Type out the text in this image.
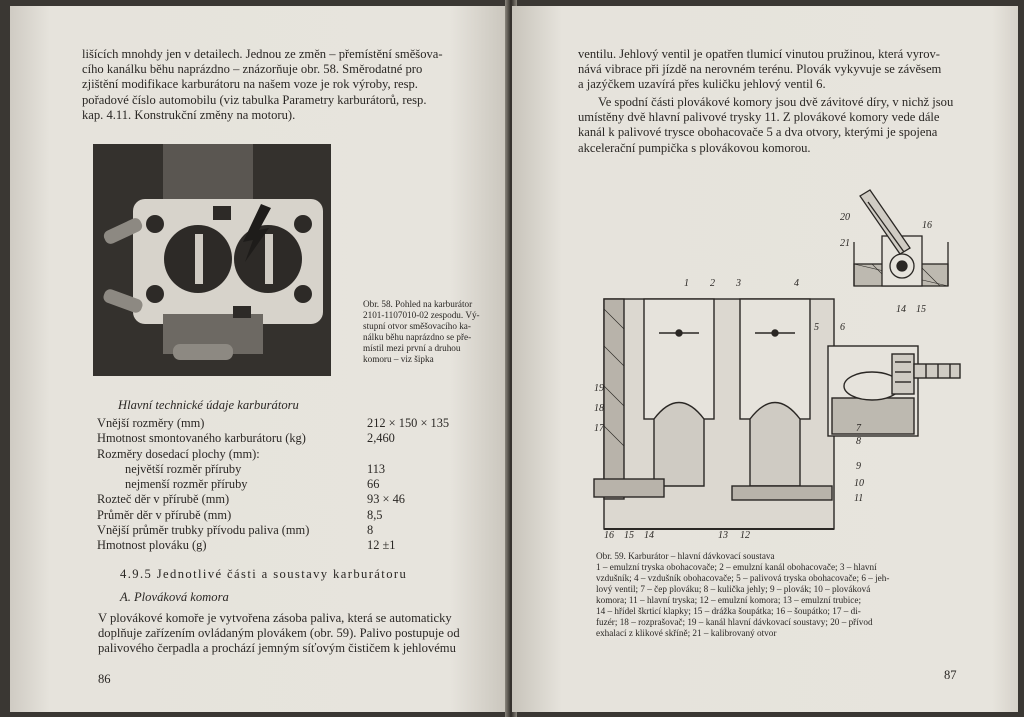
lišících mnohdy jen v detailech. Jednou ze změn – přemístění směšova-

cího kanálku běhu naprázdno – znázorňuje obr. 58. Směrodatné pro

zjištění modifikace karburátoru na našem voze je rok výroby, resp.

pořadové číslo automobilu (viz tabulka Parametry karburátorů, resp.

kap. 4.11. Konstrukční změny na motoru).

Obr. 58. Pohled na karburátor
2101-1107010-02 zespodu. Vý-
stupní otvor směšovacího ka-
nálku běhu naprázdno se pře-
místil mezi první a druhou
komoru – viz šipka
Hlavní technické údaje karburátoru
Vnější rozměry (mm)	212 × 150 × 135
Hmotnost smontovaného karburátoru (kg)	2,460
Rozměry dosedací plochy (mm):
největší rozměr příruby	113
nejmenší rozměr příruby	66
Rozteč děr v přírubě (mm)	93 × 46
Průměr děr v přírubě (mm)	8,5
Vnější průměr trubky přívodu paliva (mm)	8
Hmotnost plováku (g)	12 ±1
4.9.5 Jednotlivé části a soustavy karburátoru
A. Plováková komora

V plovákové komoře je vytvořena zásoba paliva, která se automaticky

doplňuje zařízením ovládaným plovákem (obr. 59). Palivo postupuje od

palivového čerpadla a prochází jemným síťovým čističem k jehlovému

86

ventilu. Jehlový ventil je opatřen tlumicí vinutou pružinou, která vyrov-

nává vibrace při jízdě na nerovném terénu. Plovák vykyvuje se závěsem

a jazýčkem uzavírá přes kuličku jehlový ventil 6.

Ve spodní části plovákové komory jsou dvě závitové díry, v nichž jsou

umístěny dvě hlavní palivové trysky 11. Z plovákové komory vede dále

kanál k palivové trysce obohacovače 5 a dva otvory, kterými je spojena

akcelerační pumpička s plovákovou komorou.

1 2 3	4
5 6
7
8
9
10
11
12
13
14
15
16
17
18
19
20
21
14 15
16
Obr. 59. Karburátor – hlavní dávkovací soustava
1 – emulzní tryska obohacovače; 2 – emulzní kanál obohacovače; 3 – hlavní
vzdušník; 4 – vzdušník obohacovače; 5 – palivová tryska obohacovače; 6 – jeh-
lový ventil; 7 – čep plováku; 8 – kulička jehly; 9 – plovák; 10 – plováková
komora; 11 – hlavní tryska; 12 – emulzní komora; 13 – emulzní trubice;
14 – hřídel škrticí klapky; 15 – drážka šoupátka; 16 – šoupátko; 17 – di-
fuzér; 18 – rozprašovač; 19 – kanál hlavní dávkovací soustavy; 20 – přívod
exhalací z klikové skříně; 21 – kalibrovaný otvor
87
